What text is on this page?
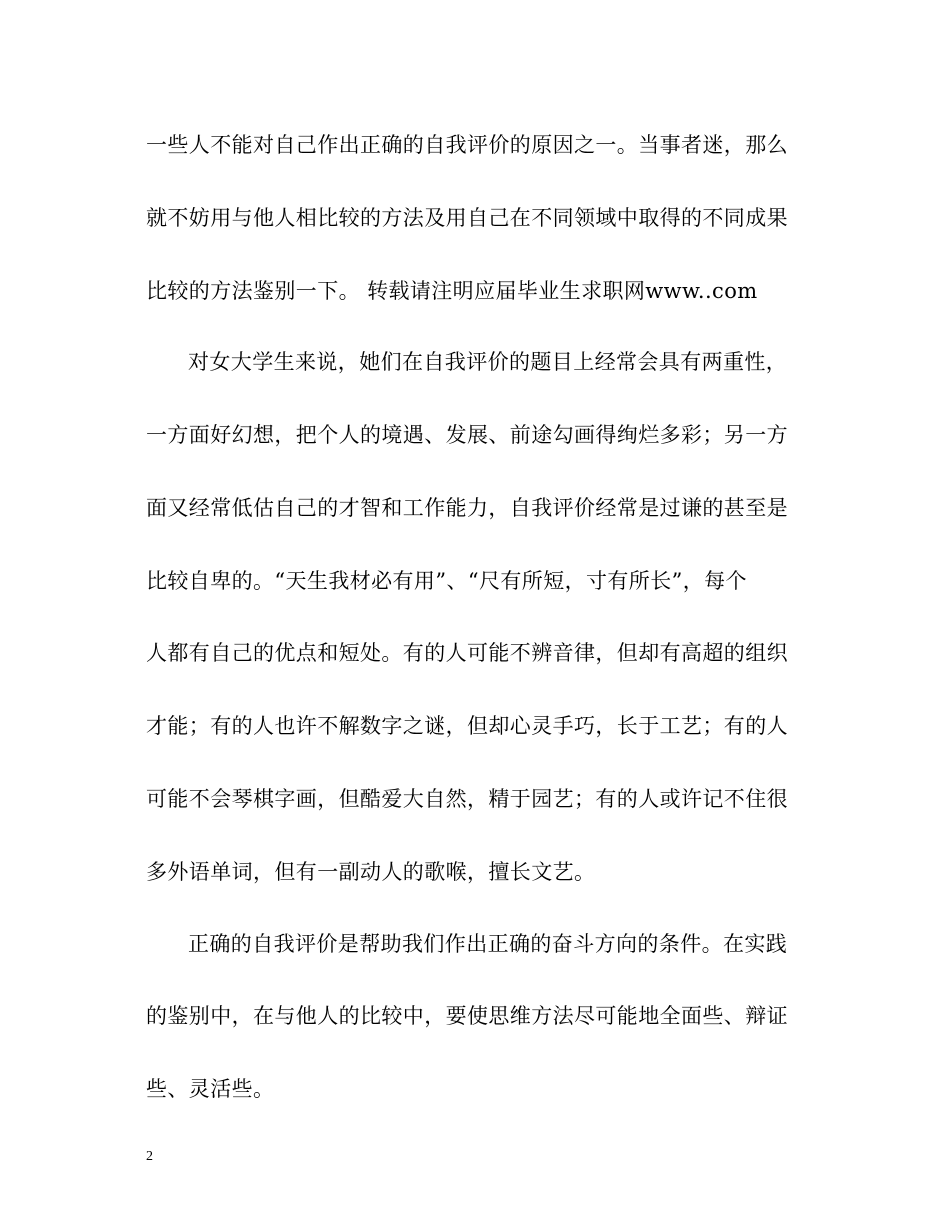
一些人不能对自己作出正确的自我评价的原因之一。当事者迷，那么
就不妨用与他人相比较的方法及用自己在不同领域中取得的不同成果
比较的方法鉴别一下。 转载请注明应届毕业生求职网www..com
对女大学生来说，她们在自我评价的题目上经常会具有两重性，
一方面好幻想，把个人的境遇、发展、前途勾画得绚烂多彩；另一方
面又经常低估自己的才智和工作能力，自我评价经常是过谦的甚至是
比较自卑的。“天生我材必有用”、“尺有所短，寸有所长”，每个
人都有自己的优点和短处。有的人可能不辨音律，但却有高超的组织
才能；有的人也许不解数字之谜，但却心灵手巧，长于工艺；有的人
可能不会琴棋字画，但酷爱大自然，精于园艺；有的人或许记不住很
多外语单词，但有一副动人的歌喉，擅长文艺。
正确的自我评价是帮助我们作出正确的奋斗方向的条件。在实践
的鉴别中，在与他人的比较中，要使思维方法尽可能地全面些、辩证
些、灵活些。
2
